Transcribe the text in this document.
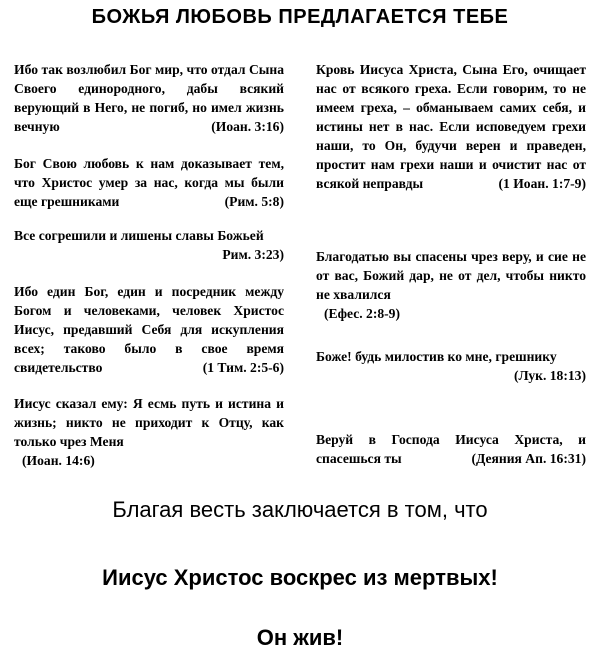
БОЖЬЯ ЛЮБОВЬ ПРЕДЛАГАЕТСЯ ТЕБЕ
Ибо так возлюбил Бог мир, что отдал Сына Своего единородного, дабы всякий верующий в Него, не погиб, но имел жизнь вечную	(Иоан. 3:16)
Бог Свою любовь к нам доказывает тем, что Христос умер за нас, когда мы были еще грешниками	(Рим. 5:8)
Все согрешили и лишены славы Божьей
Рим. 3:23)
Ибо един Бог, един и посредник между Богом и человеками, человек Христос Иисус, предавший Себя для искупления всех; таково было в свое время свидетельство	(1 Тим. 2:5-6)
Иисус сказал ему: Я есмь путь и истина и жизнь; никто не приходит к Отцу, как только чрез Меня
(Иоан. 14:6)
Кровь Иисуса Христа, Сына Его, очищает нас от всякого греха. Если говорим, то не имеем греха, – обманываем самих себя, и истины нет в нас. Если исповедуем грехи наши, то Он, будучи верен и праведен, простит нам грехи наши и очистит нас от всякой неправды	(1 Иоан. 1:7-9)
Благодатью вы спасены чрез веру, и сие не от вас, Божий дар, не от дел, чтобы никто не хвалился
(Ефес. 2:8-9)
Боже! будь милостив ко мне, грешнику
(Лук. 18:13)
Веруй в Господа Иисуса Христа, и спасешься ты	(Деяния Ап. 16:31)
Благая весть заключается в том, что
Иисус Христос воскрес из мертвых!
Он жив!
